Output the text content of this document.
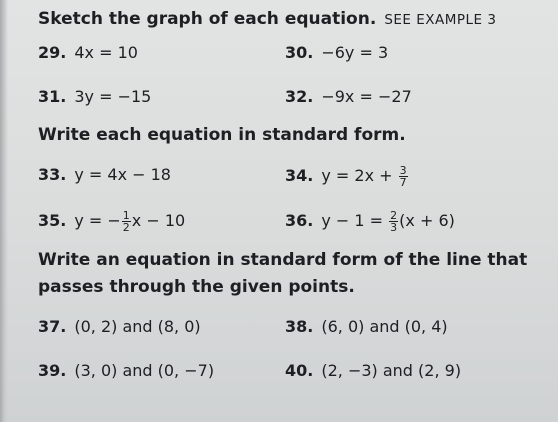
Sketch the graph of each equation. SEE EXAMPLE 3
29. 4x = 10	30. −6y = 3
31. 3y = −15	32. −9x = −27
Write each equation in standard form.
33. y = 4x − 18	34. $y = 2x + \frac{3}{7}$
35. y = − $\frac{1}{2}$ x − 10	36. $y - 1 = \frac{2}{3} (x + 6)$
Write an equation in standard form of the line that
passes through the given points.
37. (0, 2) and (8, 0)	38. (6, 0) and (0, 4)
39. (3, 0) and (0, −7)	40. (2, −3) and (2, 9)
